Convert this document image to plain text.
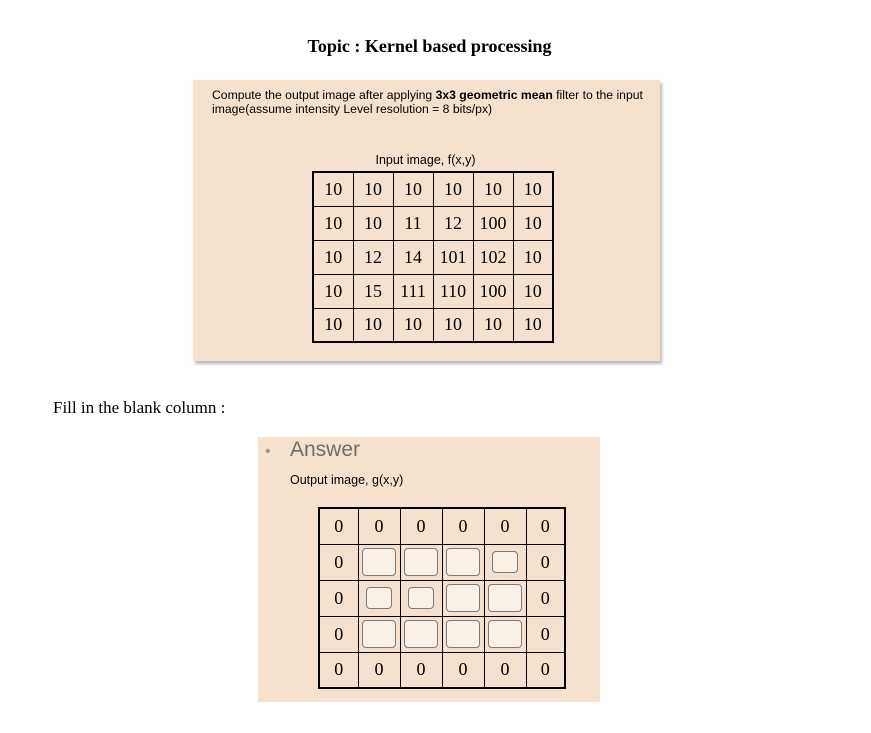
Topic : Kernel based processing
Compute the output image after applying 3x3 geometric mean filter to the input image(assume intensity Level resolution = 8 bits/px)
Input image, f(x,y)
10	10	10	10	10	10
10	10	11	12	100	10
10	12	14	101	102	10
10	15	111	110	100	10
10	10	10	10	10	10
Fill in the blank column :
• Answer
Output image, g(x,y)
0	0	0	0	0	0
0					0
0					0
0					0
0	0	0	0	0	0
